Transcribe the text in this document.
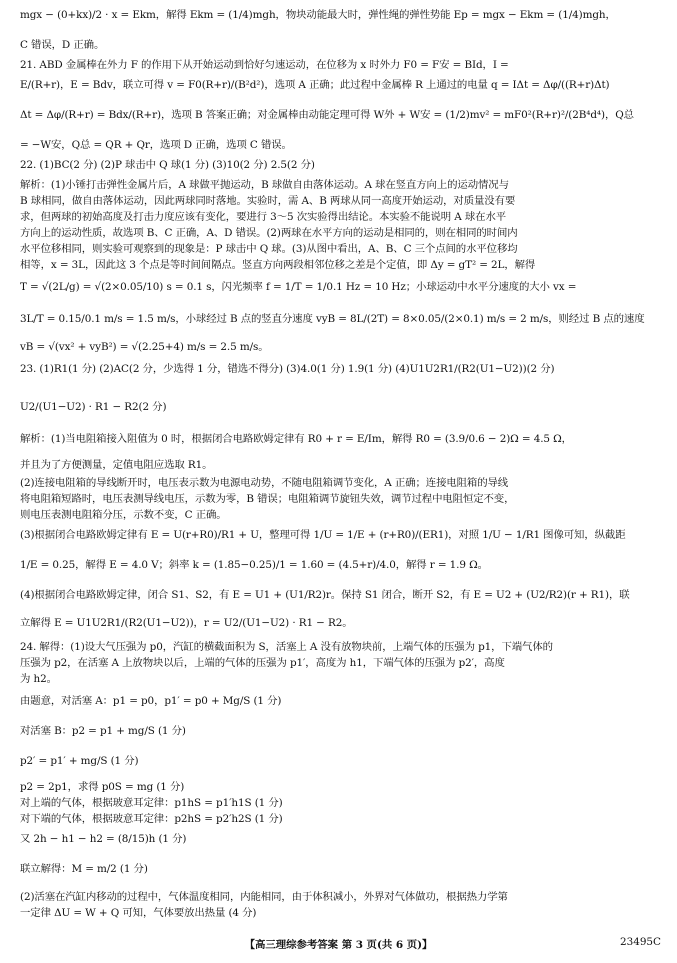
mgx − (0+kx)/2 · x = Ekm，解得 Ekm = (1/4)mgh，物块动能最大时，弹性绳的弹性势能 Ep = mgx − Ekm = (1/4)mgh，
C 错误，D 正确。
21. ABD 金属棒在外力 F 的作用下从开始运动到恰好匀速运动，在位移为 x 时外力 F0 = F安 = BId，I =
E/(R+r)，E = Bdv，联立可得 v = F0(R+r)/(B²d²)，选项 A 正确；此过程中金属棒 R 上通过的电量 q = IΔt = Δφ/((R+r)Δt)
Δt = Δφ/(R+r) = Bdx/(R+r)，选项 B 答案正确；对金属棒由动能定理可得 W外 + W安 = (1/2)mv² = mF0²(R+r)²/(2B⁴d⁴)，Q总
= −W安，Q总 = QR + Qr，选项 D 正确，选项 C 错误。
22. (1)BC(2 分) (2)P 球击中 Q 球(1 分) (3)10(2 分) 2.5(2 分)
解析：(1)小锤打击弹性金属片后，A 球做平抛运动，B 球做自由落体运动。A 球在竖直方向上的运动情况与
B 球相同，做自由落体运动，因此两球同时落地。实验时，需 A、B 两球从同一高度开始运动，对质量没有要
求，但两球的初始高度及打击力度应该有变化，要进行 3～5 次实验得出结论。本实验不能说明 A 球在水平
方向上的运动性质，故选项 B、C 正确，A、D 错误。(2)两球在水平方向的运动是相同的，则在相同的时间内
水平位移相同，则实验可观察到的现象是：P 球击中 Q 球。(3)从图中看出，A、B、C 三个点间的水平位移均
相等，x = 3L，因此这 3 个点是等时间间隔点。竖直方向两段相邻位移之差是个定值，即 Δy = gT² = 2L，解得
T = √(2L/g) = √(2×0.05/10) s = 0.1 s，闪光频率 f = 1/T = 1/0.1 Hz = 10 Hz；小球运动中水平分速度的大小 vx =
3L/T = 0.15/0.1 m/s = 1.5 m/s，小球经过 B 点的竖直分速度 vyB = 8L/(2T) = 8×0.05/(2×0.1) m/s = 2 m/s，则经过 B 点的速度
vB = √(vx² + vyB²) = √(2.25+4) m/s = 2.5 m/s。
23. (1)R1(1 分) (2)AC(2 分，少选得 1 分，错选不得分) (3)4.0(1 分) 1.9(1 分) (4)U1U2R1/(R2(U1−U2))(2 分)
U2/(U1−U2) · R1 − R2(2 分)
解析：(1)当电阻箱接入阻值为 0 时，根据闭合电路欧姆定律有 R0 + r = E/Im，解得 R0 = (3.9/0.6 − 2)Ω = 4.5 Ω，
并且为了方便测量，定值电阻应选取 R1。
(2)连接电阻箱的导线断开时，电压表示数为电源电动势，不随电阻箱调节变化，A 正确；连接电阻箱的导线
将电阻箱短路时，电压表测导线电压，示数为零，B 错误；电阻箱调节旋钮失效，调节过程中电阻恒定不变，
则电压表测电阻箱分压，示数不变，C 正确。
(3)根据闭合电路欧姆定律有 E = U(r+R0)/R1 + U，整理可得 1/U = 1/E + (r+R0)/(ER1)，对照 1/U − 1/R1 图像可知，纵截距
1/E = 0.25，解得 E = 4.0 V；斜率 k = (1.85−0.25)/1 = 1.60 = (4.5+r)/4.0，解得 r = 1.9 Ω。
(4)根据闭合电路欧姆定律，闭合 S1、S2，有 E = U1 + (U1/R2)r。保持 S1 闭合，断开 S2，有 E = U2 + (U2/R2)(r + R1)，联
立解得 E = U1U2R1/(R2(U1−U2))，r = U2/(U1−U2) · R1 − R2。
24. 解得：(1)设大气压强为 p0，汽缸的横截面积为 S，活塞上 A 没有放物块前，上端气体的压强为 p1，下端气体的
压强为 p2，在活塞 A 上放物块以后，上端的气体的压强为 p1′，高度为 h1，下端气体的压强为 p2′，高度
为 h2。
由题意，对活塞 A：p1 = p0，p1′ = p0 + Mg/S (1 分)
对活塞 B：p2 = p1 + mg/S (1 分)
p2′ = p1′ + mg/S (1 分)
p2 = 2p1，求得 p0S = mg (1 分)
对上端的气体，根据玻意耳定律：p1hS = p1′h1S (1 分)
对下端的气体，根据玻意耳定律：p2hS = p2′h2S (1 分)
又 2h − h1 − h2 = (8/15)h (1 分)
联立解得：M = m/2 (1 分)
(2)活塞在汽缸内移动的过程中，气体温度相同，内能相同，由于体积减小，外界对气体做功，根据热力学第
一定律 ΔU = W + Q 可知，气体要放出热量 (4 分)
【高三理综参考答案 第 3 页(共 6 页)】	23495C
